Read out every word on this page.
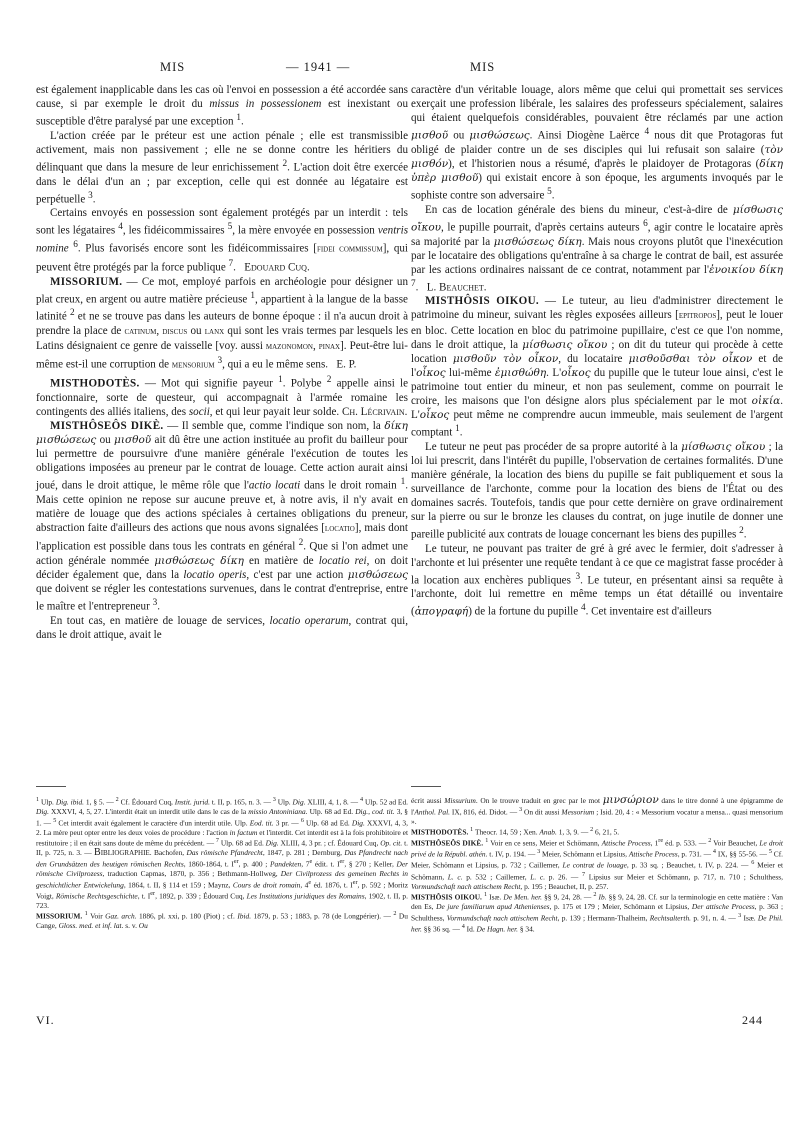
MIS	— 1941 —	MIS

est également inapplicable dans les cas où l'envoi en possession a été accordée sans cause, si par exemple le droit du missus in possessionem est inexistant ou susceptible d'être paralysé par une exception $^1$.

L'action créée par le préteur est une action pénale ; elle est transmissible activement, mais non passivement ; elle ne se donne contre les héritiers du délinquant que dans la mesure de leur enrichissement $^2$. L'action doit être exercée dans le délai d'un an ; par exception, celle qui est donnée au légataire est perpétuelle $^3$.

Certains envoyés en possession sont également protégés par un interdit : tels sont les légataires $^4$, les fidéicommissaires $^5$, la mère envoyée en possession ventris nomine $^6$. Plus favorisés encore sont les fidéicommissaires [fidei commissum], qui peuvent être protégés par la force publique $^7$.   Edouard Cuq.

MISSORIUM. — Ce mot, employé parfois en archéologie pour désigner un plat creux, en argent ou autre matière précieuse $^1$, appartient à la langue de la basse latinité $^2$ et ne se trouve pas dans les auteurs de bonne époque : il n'a aucun droit à prendre la place de catinum, discus ou lanx qui sont les vrais termes par lesquels les Latins désignaient ce genre de vaisselle [voy. aussi mazonomon, pinax]. Peut-être lui-même est-il une corruption de mensorium $^3$, qui a eu le même sens.   E. P.

MISTHODOTÈS. — Mot qui signifie payeur $^1$. Polybe $^2$ appelle ainsi le fonctionnaire, sorte de questeur, qui accompagnait à l'armée romaine les contingents des alliés italiens, des socii, et qui leur payait leur solde. Ch. Lécrivain.

MISTHÔSEÔS DIKÈ. — Il semble que, comme l'indique son nom, la δίκη μισθώσεως ou μισθοῦ ait dû être une action instituée au profit du bailleur pour lui permettre de poursuivre d'une manière générale l'exécution de toutes les obligations imposées au preneur par le contrat de louage. Cette action aurait ainsi joué, dans le droit attique, le même rôle que l'actio locati dans le droit romain $^1$. Mais cette opinion ne repose sur aucune preuve et, à notre avis, il n'y avait en matière de louage que des actions spéciales à certaines obligations du preneur, abstraction faite d'ailleurs des actions que nous avons signalées [locatio], mais dont l'application est possible dans tous les contrats en général $^2$. Que si l'on admet une action générale nommée μισθώσεως δίκη en matière de locatio rei, on doit décider également que, dans la locatio operis, c'est par une action μισθώσεως que doivent se régler les contestations survenues, dans le contrat d'entreprise, entre le maître et l'entrepreneur $^3$.

En tout cas, en matière de louage de services, locatio operarum, contrat qui, dans le droit attique, avait le

caractère d'un véritable louage, alors même que celui qui promettait ses services exerçait une profession libérale, les salaires des professeurs spécialement, salaires qui étaient quelquefois considérables, pouvaient être réclamés par une action μισθοῦ ou μισθώσεως. Ainsi Diogène Laërce $^4$ nous dit que Protagoras fut obligé de plaider contre un de ses disciples qui lui refusait son salaire (τὸν μισθόν), et l'historien nous a résumé, d'après le plaidoyer de Protagoras (δίκη ὑπὲρ μισθοῦ) qui existait encore à son époque, les arguments invoqués par le sophiste contre son adversaire $^5$.

En cas de location générale des biens du mineur, c'est-à-dire de μίσθωσις οἴκου, le pupille pourrait, d'après certains auteurs $^6$, agir contre le locataire après sa majorité par la μισθώσεως δίκη. Mais nous croyons plutôt que l'inexécution par le locataire des obligations qu'entraîne à sa charge le contrat de bail, est assurée par les actions ordinaires naissant de ce contrat, notamment par l'ἐνοικίου δίκη $^7$.   L. Beauchet.

MISTHÔSIS OIKOU. — Le tuteur, au lieu d'administrer directement le patrimoine du mineur, suivant les règles exposées ailleurs [epitropos], peut le louer en bloc. Cette location en bloc du patrimoine pupillaire, c'est ce que l'on nomme, dans le droit attique, la μίσθωσις οἴκου ; on dit du tuteur qui procède à cette location μισθοῦν τὸν οἶκον, du locataire μισθοῦσθαι τὸν οἶκον et de l'οἶκος lui-même ἐμισθώθη. L'οἶκος du pupille que le tuteur loue ainsi, c'est le patrimoine tout entier du mineur, et non pas seulement, comme on pourrait le croire, les maisons que l'on désigne alors plus spécialement par le mot οἰκία. L'οἶκος peut même ne comprendre aucun immeuble, mais seulement de l'argent comptant $^1$.

Le tuteur ne peut pas procéder de sa propre autorité à la μίσθωσις οἴκου ; la loi lui prescrit, dans l'intérêt du pupille, l'observation de certaines formalités. D'une manière générale, la location des biens du pupille se fait publiquement et sous la surveillance de l'archonte, comme pour la location des biens de l'État ou des domaines sacrés. Toutefois, tandis que pour cette dernière on grave ordinairement sur la pierre ou sur le bronze les clauses du contrat, on juge inutile de donner une pareille publicité aux contrats de louage concernant les biens des pupilles $^2$.

Le tuteur, ne pouvant pas traiter de gré à gré avec le fermier, doit s'adresser à l'archonte et lui présenter une requête tendant à ce que ce magistrat fasse procéder à la location aux enchères publiques $^3$. Le tuteur, en présentant ainsi sa requête à l'archonte, doit lui remettre en même temps un état détaillé ou inventaire (ἀπογραφή) de la fortune du pupille $^4$. Cet inventaire est d'ailleurs

$^1$ Ulp. Dig. ibid. 1, § 5. — $^2$ Cf. Édouard Cuq, Instit. jurid. t. II, p. 165, n. 3. — $^3$ Ulp. Dig. XLIII, 4, 1, 8. — $^4$ Ulp. 52 ad Ed. Dig. XXXVI, 4, 5, 27. L'interdit était un interdit utile dans le cas de la missio Antoniniana. Ulp. 68 ad Ed. Dig., cod. tit. 3, § 1. — $^5$ Cet interdit avait également le caractère d'un interdit utile. Ulp. Eod. tit. 3 pr. — $^6$ Ulp. 68 ad Ed. Dig. XXXVI, 4, 3, 2. La mère peut opter entre les deux voies de procédure : l'action in factum et l'interdit. Cet interdit est à la fois prohibitoire et restitutoire ; il en était sans doute de même du précédent. — $^7$ Ulp. 68 ad Ed. Dig. XLIII, 4, 3 pr. ; cf. Édouard Cuq, Op. cit. t. II, p. 725, n. 3. — Bibliographie. Bachofen, Das römische Pfandrecht, 1847, p. 281 ; Dernburg, Das Pfandrecht nach den Grundsätzen des heutigen römischen Rechts, 1860-1864, t. Ier, p. 400 ; Pandekten, 7e édit. t. Ier, § 270 ; Keller, Der römische Civilprozess, traduction Capmas, 1870, p. 356 ; Bethmann-Hollweg, Der Civilprozess des gemeinen Rechts in geschichtlicher Entwickelung, 1864, t. II, § 114 et 159 ; Maynz, Cours de droit romain, 4e éd. 1876, t. Ier, p. 592 ; Moritz Voigt, Römische Rechtsgeschichte, t. Ier, 1892, p. 339 ; Édouard Cuq, Les Institutions juridiques des Romains, 1902, t. II, p. 723.

MISSORIUM. $^1$ Voir Gaz. arch. 1886, pl. xxi, p. 180 (Piot) ; cf. Ibid. 1879, p. 53 ; 1883, p. 78 (de Longpérier). — $^2$ Du Cange, Gloss. med. et inf. lat. s. v. Ou

écrit aussi Missurium. On le trouve traduit en grec par le mot μινσώριον dans le titre donné à une épigramme de l'Anthol. Pal. IX, 816, éd. Didot. — $^3$ On dit aussi Messorium ; Isid. 20, 4 : « Messorium vocatur a mensa... quasi mensorium ».

MISTHODOTÈS. $^1$ Theocr. 14, 59 ; Xen. Anab. 1, 3, 9. — $^2$ 6, 21, 5.

MISTHÔSEÔS DIKÈ. $^1$ Voir en ce sens, Meier et Schömann, Attische Process, 1re éd. p. 533. — $^2$ Voir Beauchet, Le droit privé de la Républ. athén. t. IV, p. 194. — $^3$ Meier, Schömann et Lipsius, Attische Process, p. 731. — $^4$ IX, §§ 55-56. — $^5$ Cf. Meier, Schömann et Lipsius, p. 732 ; Caillemer, Le contrat de louage, p. 33 sq. ; Beauchet, t. IV, p. 224. — $^6$ Meier et Schömann, L. c. p. 532 ; Caillemer, L. c. p. 26. — $^7$ Lipsius sur Meier et Schömann, p. 717, n. 710 ; Schulthess, Vormundschaft nach attischem Recht, p. 195 ; Beauchet, II, p. 257.

MISTHÔSIS OIKOU. $^1$ Isæ. De Men. her. §§ 9, 24, 28. — $^2$ Ib. §§ 9, 24, 28. Cf. sur la terminologie en cette matière : Van den Es, De jure familiarum apud Athenienses, p. 175 et 179 ; Meier, Schömann et Lipsius, Der attische Process, p. 363 ; Schulthess, Vormundschaft nach attischem Recht, p. 139 ; Hermann-Thalheim, Rechtsalterth. p. 91, n. 4. — $^3$ Isæ. De Phil. her. §§ 36 sq. — $^4$ Id. De Hagn. her. § 34.

VI.	244
